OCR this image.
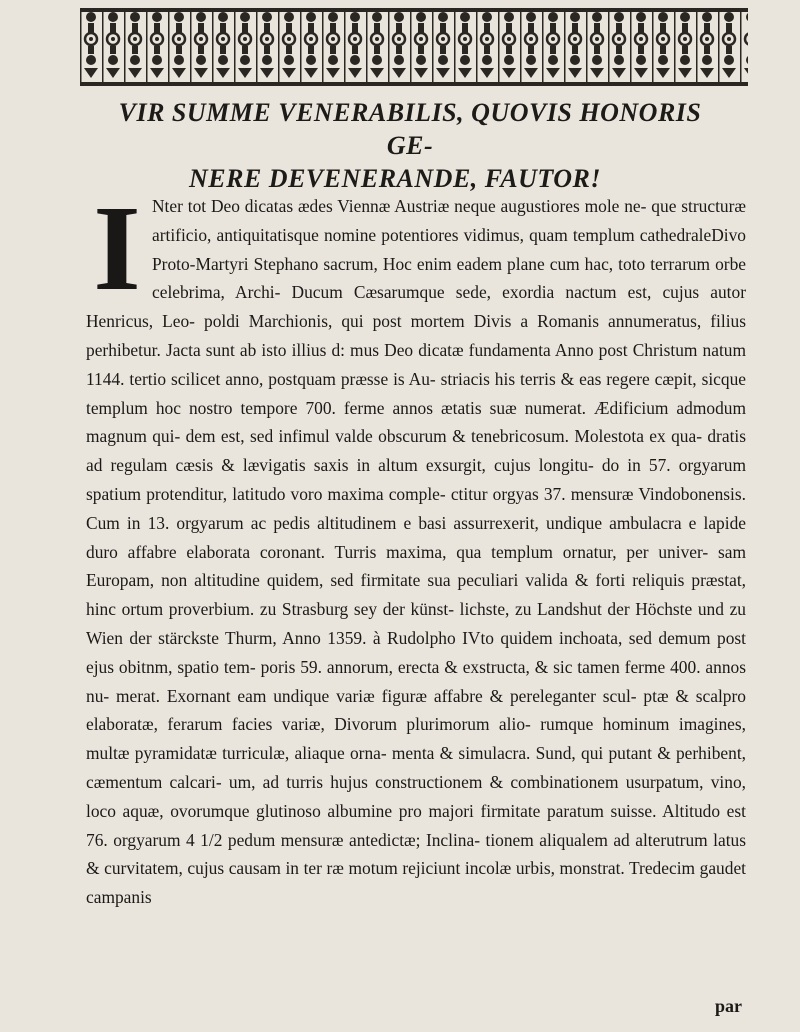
VIR SUMME VENERABILIS, QUOVIS HONORIS GE-

NERE DEVENERANDE, FAUTOR!
I Nter tot Deo dicatas ædes Viennæ Austriæ neque augustiores mole ne- que structuræ artificio, antiquitatisque nomine potentiores vidimus, quam templum cathedraleDivo Proto-Martyri Stephano sacrum, Hoc enim eadem plane cum hac, toto terrarum orbe celebrima, Archi- Ducum Cæsarumque sede, exordia nactum est, cujus autor Henricus, Leo- poldi Marchionis, qui post mortem Divis a Romanis annumeratus, filius perhibetur. Jacta sunt ab isto illius d: mus Deo dicatæ fundamenta Anno post Christum natum 1144. tertio scilicet anno, postquam præsse is Au- striacis his terris & eas regere cæpit, sicque templum hoc nostro tempore 700. ferme annos ætatis suæ numerat. Ædificium admodum magnum qui- dem est, sed infimul valde obscurum & tenebricosum. Molestota ex qua- dratis ad regulam cæsis & lævigatis saxis in altum exsurgit, cujus longitu- do in 57. orgyarum spatium protenditur, latitudo voro maxima comple- ctitur orgyas 37. mensuræ Vindobonensis. Cum in 13. orgyarum ac pedis altitudinem e basi assurrexerit, undique ambulacra e lapide duro affabre elaborata coronant. Turris maxima, qua templum ornatur, per univer- sam Europam, non altitudine quidem, sed firmitate sua peculiari valida & forti reliquis præstat, hinc ortum proverbium. zu Strasburg sey der künst- lichste, zu Landshut der Höchste und zu Wien der stärckste Thurm, Anno 1359. à Rudolpho IVto quidem inchoata, sed demum post ejus obitnm, spatio tem- poris 59. annorum, erecta & exstructa, & sic tamen ferme 400. annos nu- merat. Exornant eam undique variæ figuræ affabre & pereleganter scul- ptæ & scalpro elaboratæ, ferarum facies variæ, Divorum plurimorum alio- rumque hominum imagines, multæ pyramidatæ turriculæ, aliaque orna- menta & simulacra. Sund, qui putant & perhibent, cæmentum calcari- um, ad turris hujus constructionem & combinationem usurpatum, vino, loco aquæ, ovorumque glutinoso albumine pro majori firmitate paratum suisse. Altitudo est 76. orgyarum 4 1/2 pedum mensuræ antedictæ; Inclina- tionem aliqualem ad alterutrum latus & curvitatem, cujus causam in ter ræ motum rejiciunt incolæ urbis, monstrat. Tredecim gaudet campanis

par
